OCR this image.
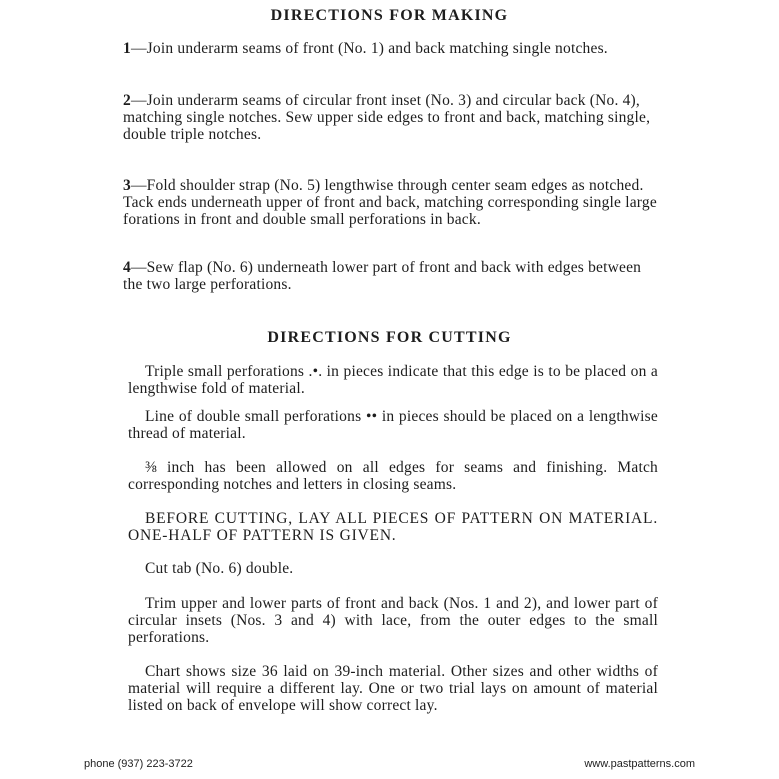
DIRECTIONS FOR MAKING

1—Join underarm seams of front (No. 1) and back matching single notches.

2—Join underarm seams of circular front inset (No. 3) and circular back (No. 4), matching single notches. Sew upper side edges to front and back, matching single, double triple notches.

3—Fold shoulder strap (No. 5) lengthwise through center seam edges as notched. Tack ends underneath upper of front and back, matching corresponding single large forations in front and double small perforations in back.

4—Sew flap (No. 6) underneath lower part of front and back with edges between the two large perforations.

DIRECTIONS FOR CUTTING

Triple small perforations .•. in pieces indicate that this edge is to be placed on a lengthwise fold of material.

Line of double small perforations •• in pieces should be placed on a lengthwise thread of material.

⅜ inch has been allowed on all edges for seams and finishing. Match corresponding notches and letters in closing seams.

BEFORE CUTTING, LAY ALL PIECES OF PATTERN ON MATERIAL. ONE-HALF OF PATTERN IS GIVEN.

Cut tab (No. 6) double.

Trim upper and lower parts of front and back (Nos. 1 and 2), and lower part of circular insets (Nos. 3 and 4) with lace, from the outer edges to the small perforations.

Chart shows size 36 laid on 39-inch material. Other sizes and other widths of material will require a different lay. One or two trial lays on amount of material listed on back of envelope will show correct lay.

phone (937) 223-3722	www.pastpatterns.com
